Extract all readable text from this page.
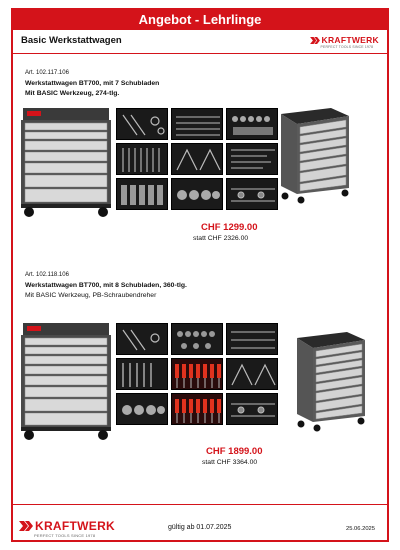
Angebot - Lehrlinge
Basic Werkstattwagen	KRAFTWERK
PERFECT TOOLS SINCE 1978
Art. 102.117.106
Werkstattwagen BT700, mit 7 Schubladen
Mit BASIC Werkzeug, 274-tlg.
CHF 1299.00
statt CHF 2326.00
Art. 102.118.106
Werkstattwagen BT700, mit 8 Schubladen, 360-tlg.
Mit BASIC Werkzeug, PB-Schraubendreher
CHF 1899.00
statt CHF 3364.00
KRAFTWERK
PERFECT TOOLS SINCE 1978
gültig ab 01.07.2025	25.06.2025
